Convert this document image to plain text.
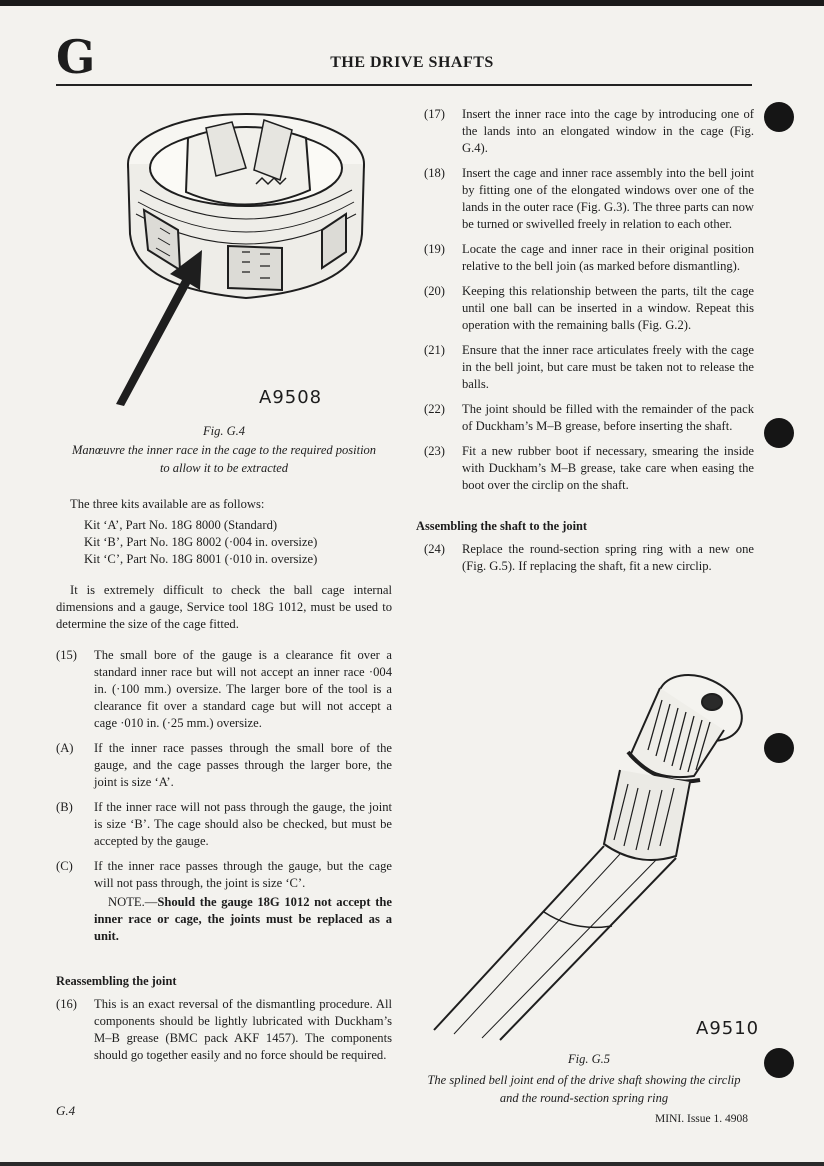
G	THE DRIVE SHAFTS
A9508
Fig. G.4
Manœuvre the inner race in the cage to the required position to allow it to be extracted
The three kits available are as follows:
Kit ‘A’, Part No. 18G 8000 (Standard)
Kit ‘B’, Part No. 18G 8002 (·004 in. oversize)
Kit ‘C’, Part No. 18G 8001 (·010 in. oversize)
It is extremely difficult to check the ball cage internal dimensions and a gauge, Service tool 18G 1012, must be used to determine the size of the cage fitted.
(15) The small bore of the gauge is a clearance fit over a standard inner race but will not accept an inner race ·004 in. (·100 mm.) oversize. The larger bore of the tool is a clearance fit over a standard cage but will not accept a cage ·010 in. (·25 mm.) oversize.
(A) If the inner race passes through the small bore of the gauge, and the cage passes through the larger bore, the joint is size ‘A’.
(B) If the inner race will not pass through the gauge, the joint is size ‘B’. The cage should also be checked, but must be accepted by the gauge.
(C) If the inner race passes through the gauge, but the cage will not pass through, the joint is size ‘C’.
NOTE.—Should the gauge 18G 1012 not accept the inner race or cage, the joints must be replaced as a unit.
Reassembling the joint
(16) This is an exact reversal of the dismantling procedure. All components should be lightly lubricated with Duckham’s M–B grease (BMC pack AKF 1457). The components should go together easily and no force should be required.
(17) Insert the inner race into the cage by introducing one of the lands into an elongated window in the cage (Fig. G.4).
(18) Insert the cage and inner race assembly into the bell joint by fitting one of the elongated windows over one of the lands in the outer race (Fig. G.3). The three parts can now be turned or swivelled freely in relation to each other.
(19) Locate the cage and inner race in their original position relative to the bell join (as marked before dismantling).
(20) Keeping this relationship between the parts, tilt the cage until one ball can be inserted in a window. Repeat this operation with the remaining balls (Fig. G.2).
(21) Ensure that the inner race articulates freely with the cage in the bell joint, but care must be taken not to release the balls.
(22) The joint should be filled with the remainder of the pack of Duckham’s M–B grease, before inserting the shaft.
(23) Fit a new rubber boot if necessary, smearing the inside with Duckham’s M–B grease, take care when easing the boot over the circlip on the shaft.
Assembling the shaft to the joint
(24) Replace the round-section spring ring with a new one (Fig. G.5). If replacing the shaft, fit a new circlip.
A9510
Fig. G.5
The splined bell joint end of the drive shaft showing the circlip and the round-section spring ring
G.4
MINI. Issue 1. 4908
